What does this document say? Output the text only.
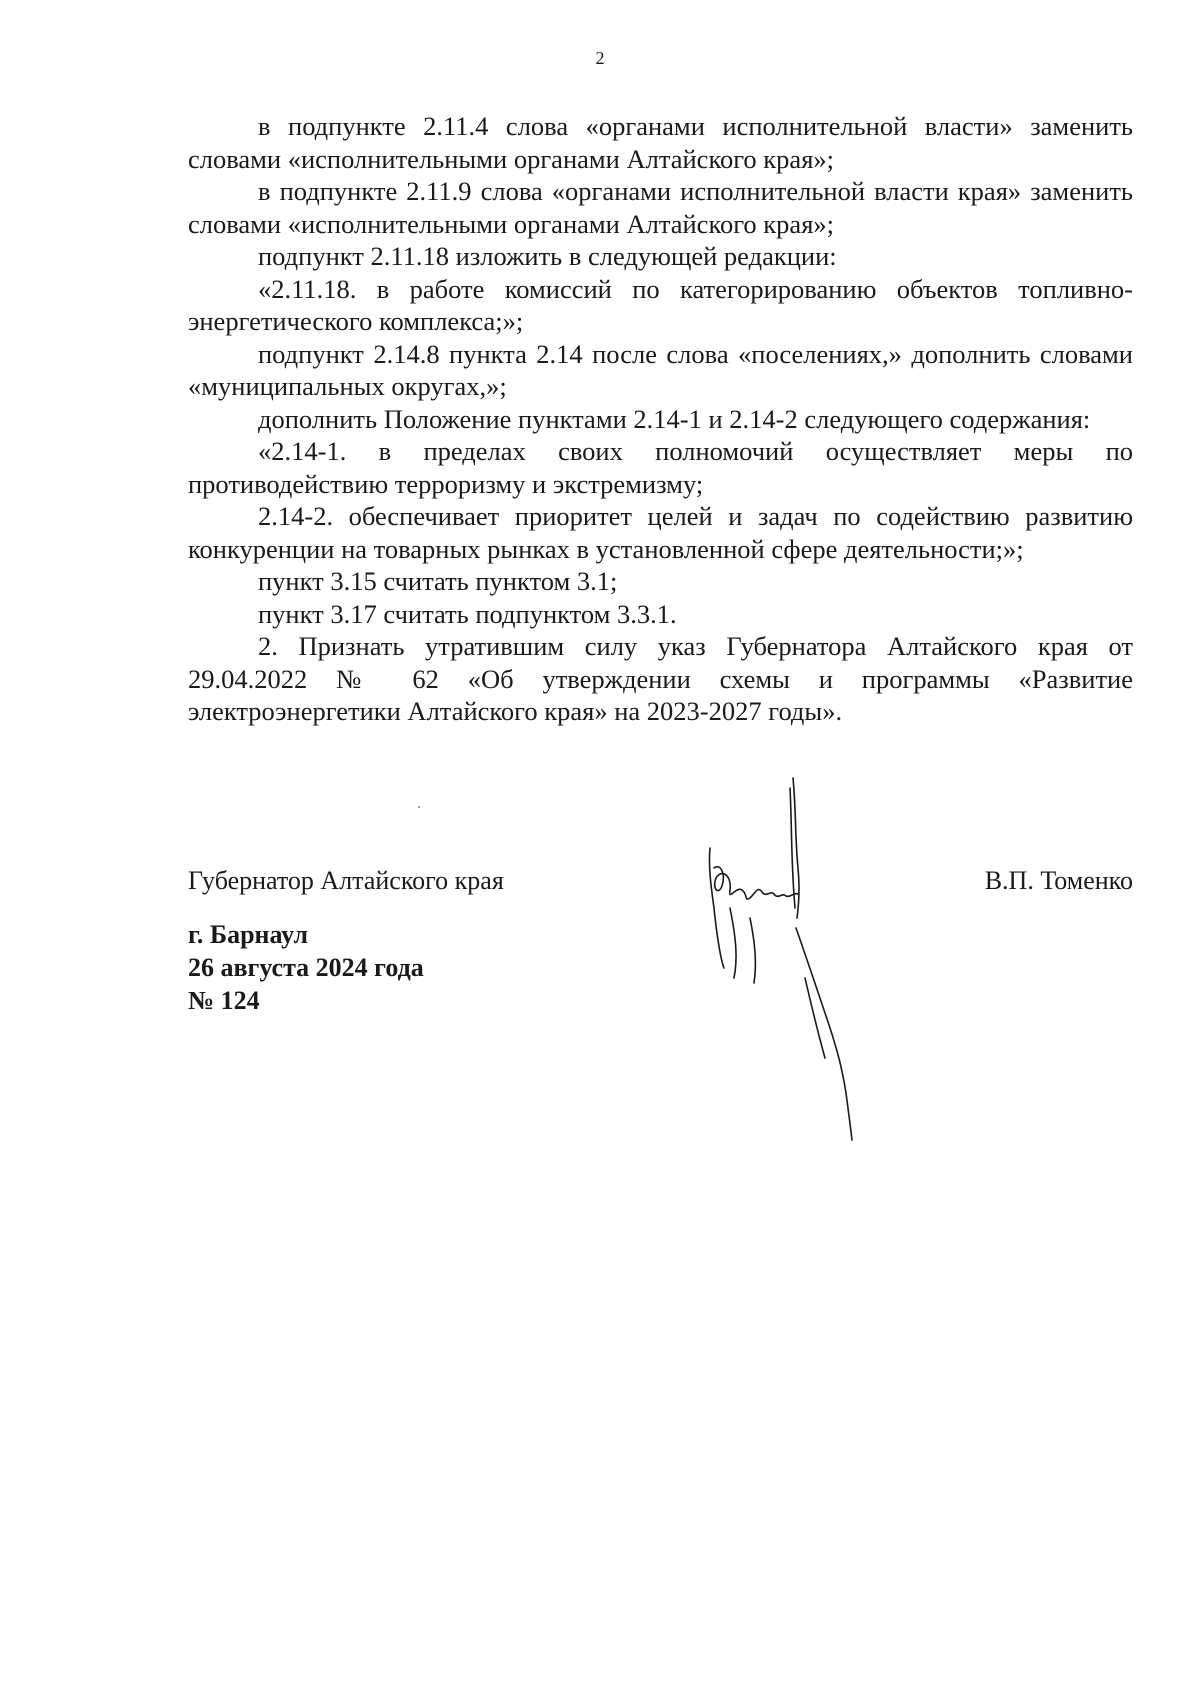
2

в подпункте 2.11.4 слова «органами исполнительной власти» заменить словами «исполнительными органами Алтайского края»;

в подпункте 2.11.9 слова «органами исполнительной власти края» заменить словами «исполнительными органами Алтайского края»;

подпункт 2.11.18 изложить в следующей редакции:

«2.11.18. в работе комиссий по категорированию объектов топливно-энергетического комплекса;»;

подпункт 2.14.8 пункта 2.14 после слова «поселениях,» дополнить словами «муниципальных округах,»;

дополнить Положение пунктами 2.14-1 и 2.14-2 следующего содержания:

«2.14-1. в пределах своих полномочий осуществляет меры по противодействию терроризму и экстремизму;

2.14-2. обеспечивает приоритет целей и задач по содействию развитию конкуренции на товарных рынках в установленной сфере деятельности;»;

пункт 3.15 считать пунктом 3.1;

пункт 3.17 считать подпунктом 3.3.1.

2. Признать утратившим силу указ Губернатора Алтайского края от 29.04.2022 № 62 «Об утверждении схемы и программы «Развитие электроэнергетики Алтайского края» на 2023-2027 годы».

Губернатор Алтайского края	В.П. Томенко
г. Барнаул
26 августа 2024 года
№ 124
